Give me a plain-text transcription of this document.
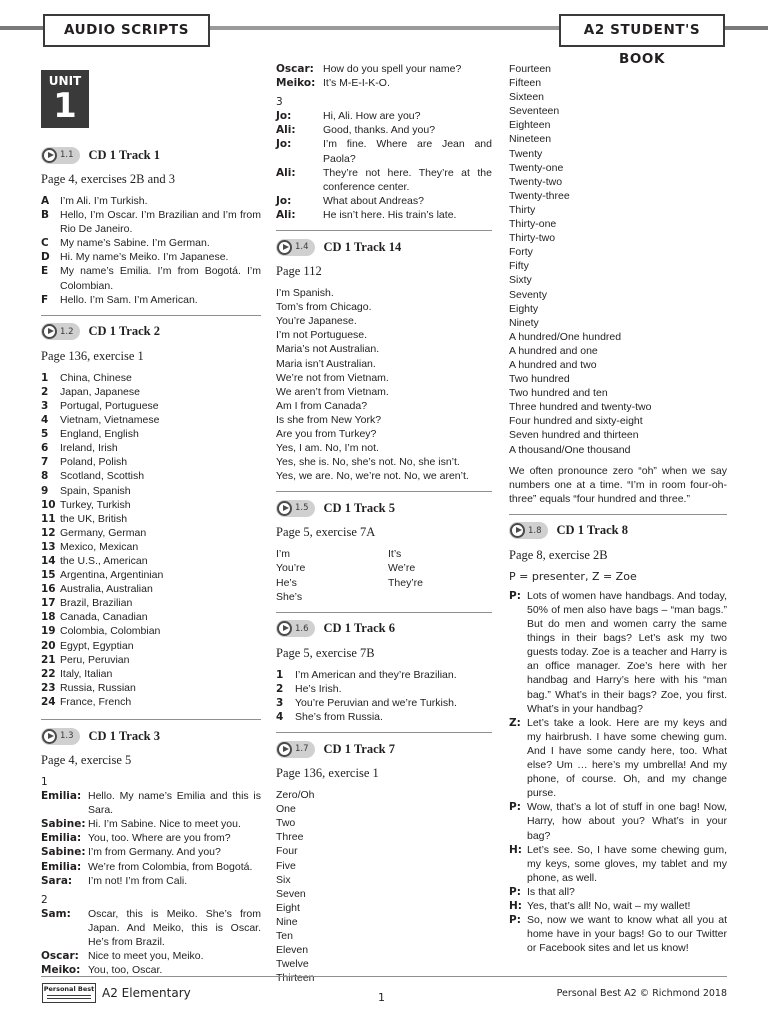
AUDIO SCRIPTS	A2 STUDENT'S BOOK
UNIT
1
1.1 CD 1 Track 1
Page 4, exercises 2B and 3
A	I’m Ali. I’m Turkish.
B	Hello, I’m Oscar. I’m Brazilian and I’m from Rio De Janeiro.
C	My name’s Sabine. I’m German.
D Hi. My name’s Meiko. I’m Japanese.
E	My name’s Emilia. I’m from Bogotá. I’m Colombian.
F	Hello. I’m Sam. I’m American.
1.2 CD 1 Track 2
Page 136, exercise 1
1	China, Chinese
2	Japan, Japanese
3	Portugal, Portuguese
4	Vietnam, Vietnamese
5	England, English
6	Ireland, Irish
7	Poland, Polish
8	Scotland, Scottish
9	Spain, Spanish
10 Turkey, Turkish
11 the UK, British
12 Germany, German
13 Mexico, Mexican
14 the U.S., American
15 Argentina, Argentinian
16 Australia, Australian
17 Brazil, Brazilian
18 Canada, Canadian
19 Colombia, Colombian
20 Egypt, Egyptian
21 Peru, Peruvian
22 Italy, Italian
23 Russia, Russian
24 France, French
1.3 CD 1 Track 3
Page 4, exercise 5
1
Emilia: Hello. My name’s Emilia and this is Sara.
Sabine: Hi. I’m Sabine. Nice to meet you.
Emilia: You, too. Where are you from?
Sabine: I’m from Germany. And you?
Emilia: We’re from Colombia, from Bogotá.
Sara:	I’m not! I’m from Cali.
2
Sam:	Oscar, this is Meiko. She’s from Japan. And Meiko, this is Oscar. He’s from Brazil.
Oscar: Nice to meet you, Meiko.
Meiko: You, too, Oscar.
Oscar: How do you spell your name?
Meiko: It’s M-E-I-K-O.
3
Jo:	Hi, Ali. How are you?
Ali:	Good, thanks. And you?
Jo:	I’m fine. Where are Jean and Paola?
Ali:	They’re not here. They’re at the conference center.
Jo:	What about Andreas?
Ali:	He isn’t here. His train’s late.
1.4 CD 1 Track 14
Page 112
I’m Spanish.
Tom’s from Chicago.
You’re Japanese.
I’m not Portuguese.
Maria’s not Australian.
Maria isn’t Australian.
We’re not from Vietnam.
We aren’t from Vietnam.
Am I from Canada?
Is she from New York?
Are you from Turkey?
Yes, I am. No, I’m not.
Yes, she is. No, she’s not. No, she isn’t.
Yes, we are. No, we’re not. No, we aren’t.
1.5 CD 1 Track 5
Page 5, exercise 7A
I’m	It’s
You’re	We’re
He’s	They’re
She’s
1.6 CD 1 Track 6
Page 5, exercise 7B
1	I’m American and they’re Brazilian.
2	He’s Irish.
3	You’re Peruvian and we’re Turkish.
4	She’s from Russia.
1.7 CD 1 Track 7
Page 136, exercise 1
Zero/Oh
One
Two
Three
Four
Five
Six
Seven
Eight
Nine
Ten
Eleven
Twelve
Thirteen
Fourteen
Fifteen
Sixteen
Seventeen
Eighteen
Nineteen
Twenty
Twenty-one
Twenty-two
Twenty-three
Thirty
Thirty-one
Thirty-two
Forty
Fifty
Sixty
Seventy
Eighty
Ninety
A hundred/One hundred
A hundred and one
A hundred and two
Two hundred
Two hundred and ten
Three hundred and twenty-two
Four hundred and sixty-eight
Seven hundred and thirteen
A thousand/One thousand
We often pronounce zero “oh” when we say numbers one at a time. “I’m in room four-oh-three” equals “four hundred and three.”
1.8 CD 1 Track 8
Page 8, exercise 2B
P = presenter, Z = Zoe
P: Lots of women have handbags. And today, 50% of men also have bags – “man bags.” But do men and women carry the same things in their bags? Let’s ask my two guests today. Zoe is a teacher and Harry is an office manager. Zoe’s here with her handbag and Harry’s here with his “man bag.” What’s in their bags? Zoe, you first. What’s in your handbag?
Z: Let’s take a look. Here are my keys and my hairbrush. I have some chewing gum. And I have some candy here, too. What else? Um … here’s my umbrella! And my phone, of course. Oh, and my change purse.
P: Wow, that’s a lot of stuff in one bag! Now, Harry, how about you? What’s in your bag?
H: Let’s see. So, I have some chewing gum, my keys, some gloves, my tablet and my phone, as well.
P: Is that all?
H: Yes, that’s all! No, wait – my wallet!
P: So, now we want to know what all you at home have in your bags! Go to our Twitter or Facebook sites and let us know!
Personal Best A2 Elementary	1	Personal Best A2 © Richmond 2018
